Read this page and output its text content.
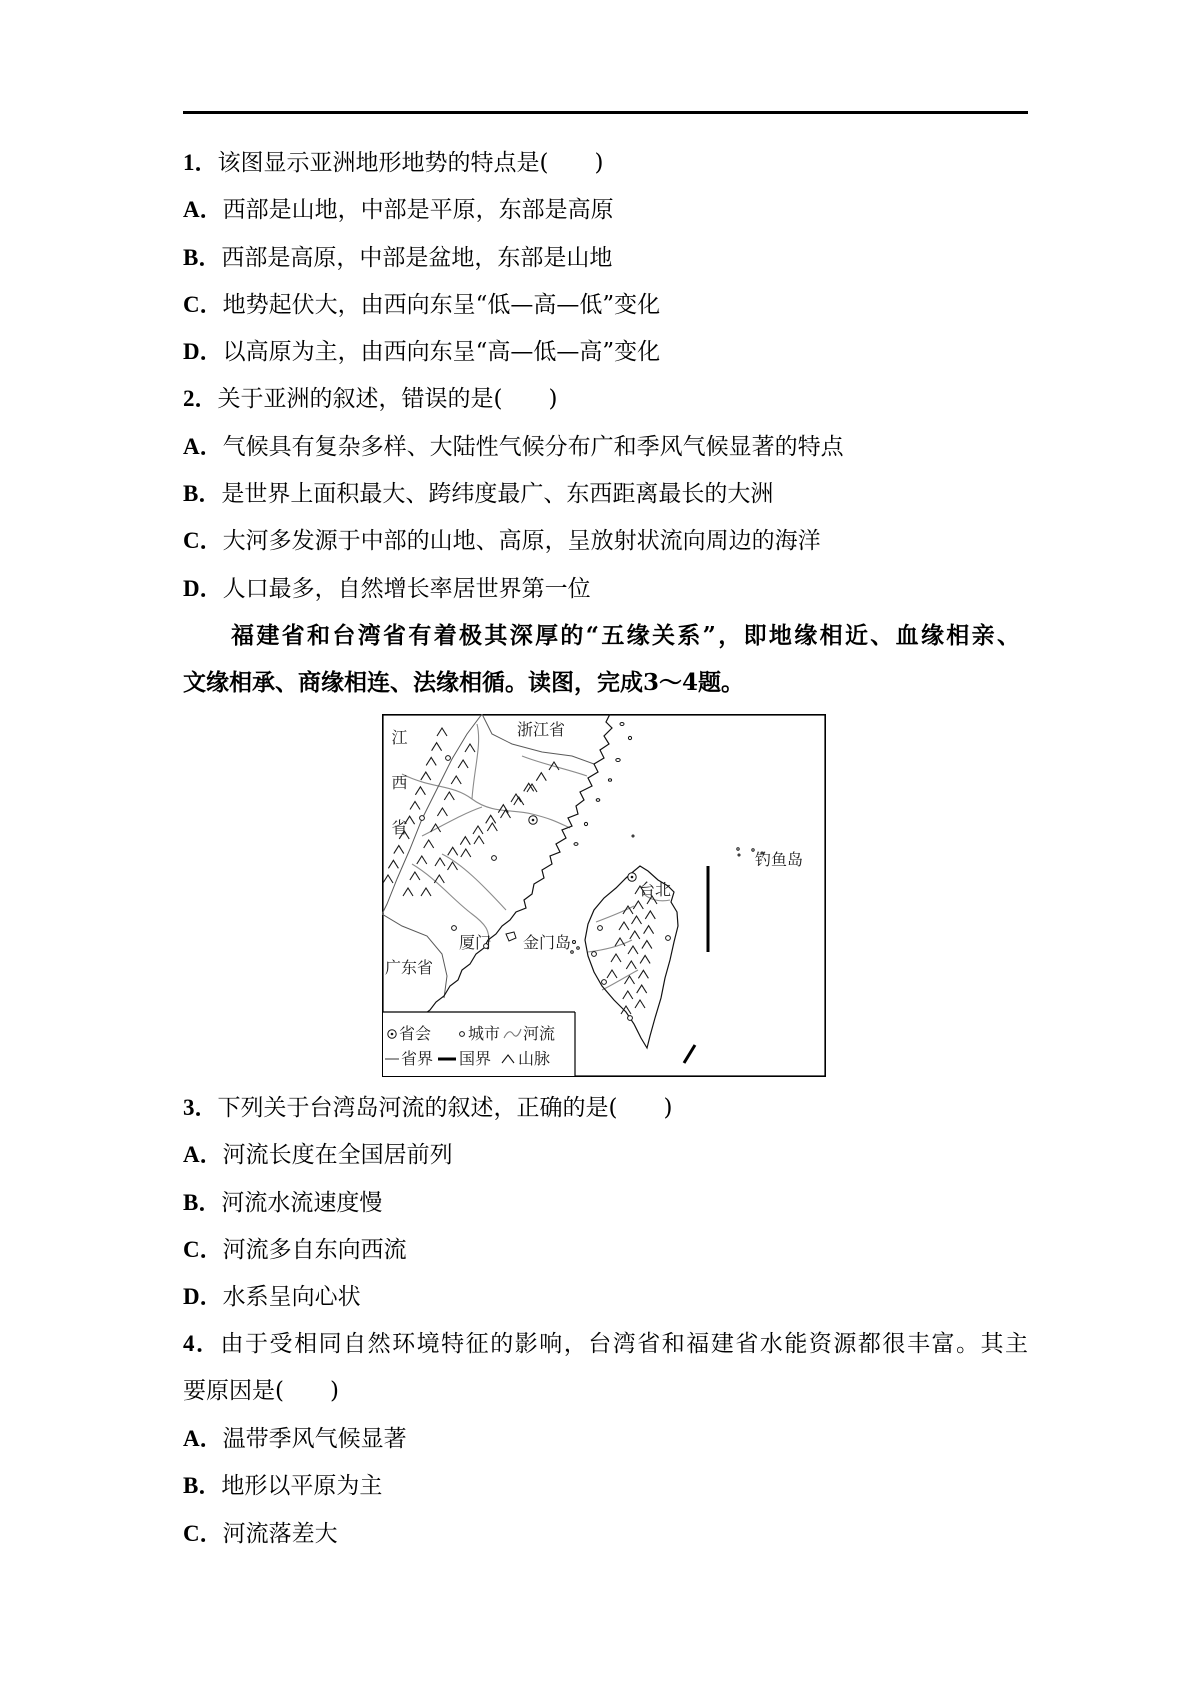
1．该图显示亚洲地形地势的特点是(　　)
A．西部是山地，中部是平原，东部是高原
B．西部是高原，中部是盆地，东部是山地
C．地势起伏大，由西向东呈“低—高—低”变化
D．以高原为主，由西向东呈“高—低—高”变化
2．关于亚洲的叙述，错误的是(　　)
A．气候具有复杂多样、大陆性气候分布广和季风气候显著的特点
B．是世界上面积最大、跨纬度最广、东西距离最长的大洲
C．大河多发源于中部的山地、高原，呈放射状流向周边的海洋
D．人口最多，自然增长率居世界第一位
福建省和台湾省有着极其深厚的“五缘关系”，即地缘相近、血缘相亲、
文缘相承、商缘相连、法缘相循。读图，完成3～4题。
江西省	浙江省
钓鱼岛
台北
厦门 金门岛
广东省
省会 城市 河流
省界 国界 山脉
3．下列关于台湾岛河流的叙述，正确的是(　　)
A．河流长度在全国居前列
B．河流水流速度慢
C．河流多自东向西流
D．水系呈向心状
4．由于受相同自然环境特征的影响，台湾省和福建省水能资源都很丰富。其主
要原因是(　　)
A．温带季风气候显著
B．地形以平原为主
C．河流落差大
